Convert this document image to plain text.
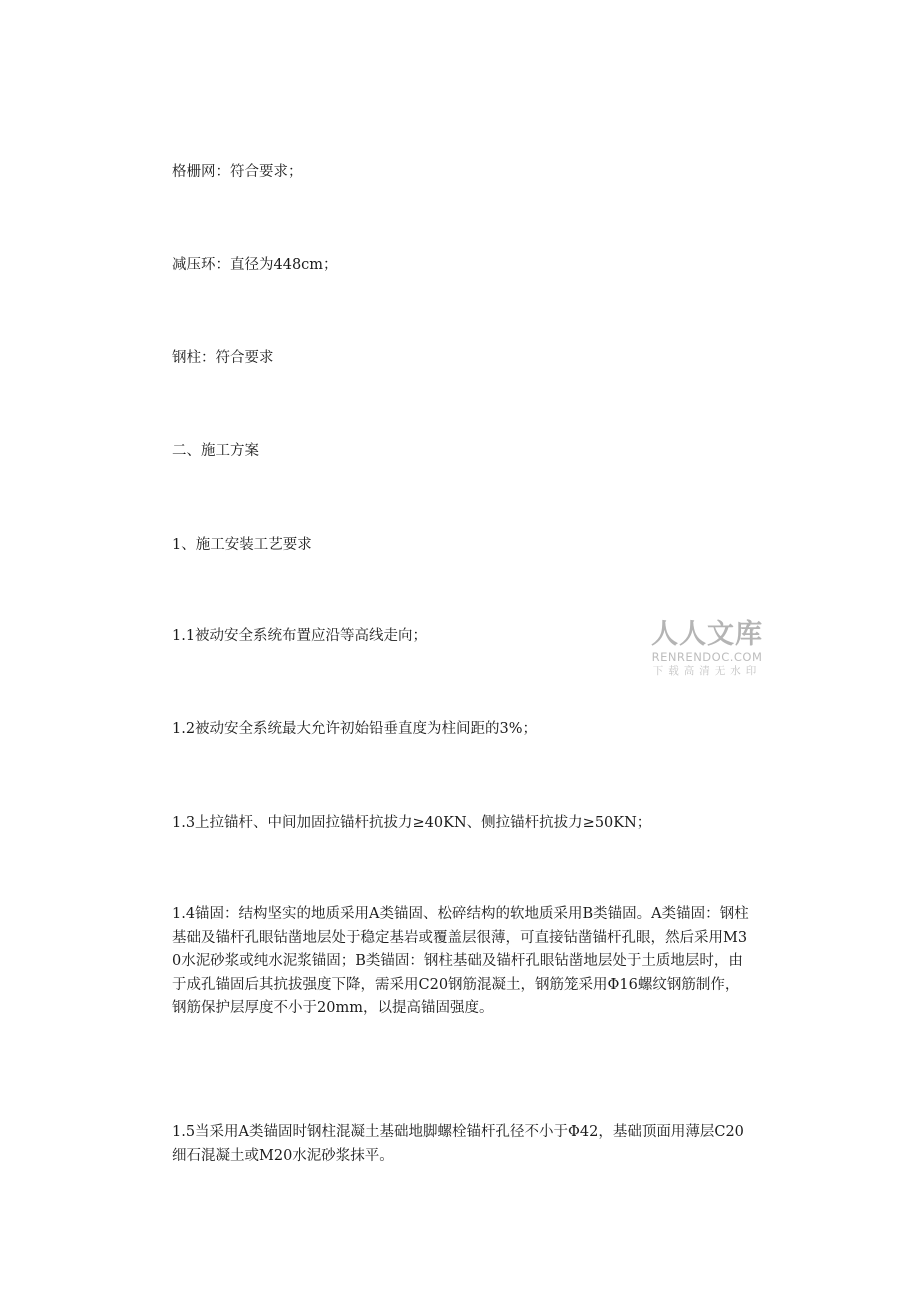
格栅网：符合要求；

减压环：直径为448cm；

钢柱：符合要求

二、施工方案

1、施工安装工艺要求

1.1被动安全系统布置应沿等高线走向；

1.2被动安全系统最大允许初始铅垂直度为柱间距的3%；

1.3上拉锚杆、中间加固拉锚杆抗拔力≥40KN、侧拉锚杆抗拔力≥50KN；

1.4锚固：结构坚实的地质采用A类锚固、松碎结构的软地质采用B类锚固。A类锚固：钢柱基础及锚杆孔眼钻凿地层处于稳定基岩或覆盖层很薄，可直接钻凿锚杆孔眼，然后采用M30水泥砂浆或纯水泥浆锚固；B类锚固：钢柱基础及锚杆孔眼钻凿地层处于土质地层时，由于成孔锚固后其抗拔强度下降，需采用C20钢筋混凝土，钢筋笼采用Φ16螺纹钢筋制作，钢筋保护层厚度不小于20mm，以提高锚固强度。

1.5当采用A类锚固时钢柱混凝土基础地脚螺栓锚杆孔径不小于Φ42，基础顶面用薄层C20细石混凝土或M20水泥砂浆抹平。

人人文库
RENRENDOC.COM
下载高清无水印
